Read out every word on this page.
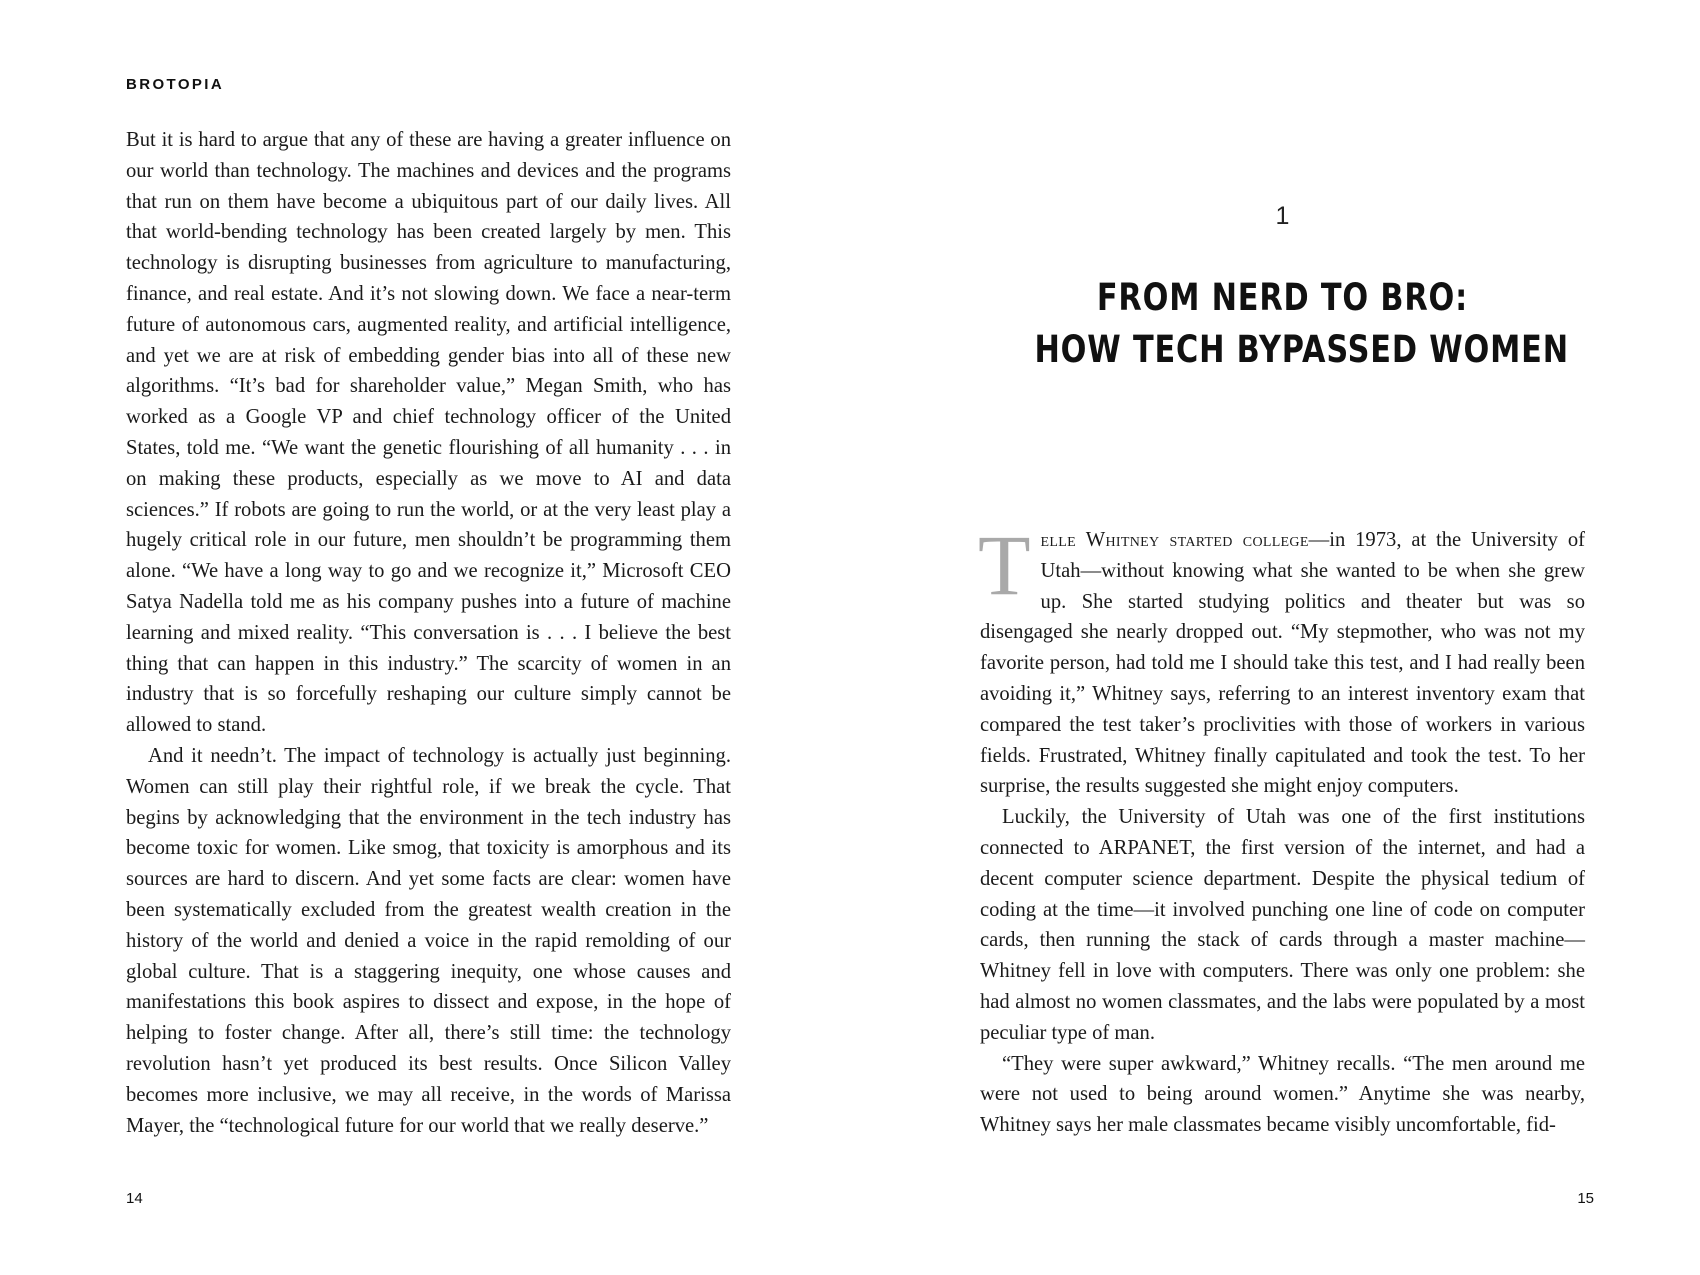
BROTOPIA

But it is hard to argue that any of these are having a greater influence on our world than technology. The machines and devices and the programs that run on them have become a ubiquitous part of our daily lives. All that world-bending technology has been created largely by men. This technology is disrupting businesses from agriculture to manufacturing, finance, and real estate. And it’s not slowing down. We face a near-term future of autonomous cars, augmented reality, and artificial intelligence, and yet we are at risk of embedding gender bias into all of these new algorithms. “It’s bad for shareholder value,” Megan Smith, who has worked as a Google VP and chief technology officer of the United States, told me. “We want the genetic flourishing of all humanity . . . in on making these products, especially as we move to AI and data sciences.” If robots are going to run the world, or at the very least play a hugely critical role in our future, men shouldn’t be programming them alone. “We have a long way to go and we recognize it,” Microsoft CEO Satya Nadella told me as his company pushes into a future of machine learning and mixed reality. “This conversation is . . . I believe the best thing that can happen in this industry.” The scarcity of women in an industry that is so forcefully reshaping our culture simply cannot be allowed to stand.

And it needn’t. The impact of technology is actually just beginning. Women can still play their rightful role, if we break the cycle. That begins by acknowledging that the environment in the tech industry has become toxic for women. Like smog, that toxicity is amorphous and its sources are hard to discern. And yet some facts are clear: women have been systematically excluded from the greatest wealth creation in the history of the world and denied a voice in the rapid remolding of our global culture. That is a staggering inequity, one whose causes and manifestations this book aspires to dissect and expose, in the hope of helping to foster change. After all, there’s still time: the technology revolution hasn’t yet produced its best results. Once Silicon Valley becomes more inclusive, we may all receive, in the words of Marissa Mayer, the “technological future for our world that we really deserve.”

14
1
FROM NERD TO BRO:
HOW TECH BYPASSED WOMEN

Telle Whitney started college—in 1973, at the University of Utah—without knowing what she wanted to be when she grew up. She started studying politics and theater but was so disengaged she nearly dropped out. “My stepmother, who was not my favorite person, had told me I should take this test, and I had really been avoiding it,” Whitney says, referring to an interest inventory exam that compared the test taker’s proclivities with those of workers in various fields. Frustrated, Whitney finally capitulated and took the test. To her surprise, the results suggested she might enjoy computers.

Luckily, the University of Utah was one of the first institutions connected to ARPANET, the first version of the internet, and had a decent computer science department. Despite the physical tedium of coding at the time—it involved punching one line of code on computer cards, then running the stack of cards through a master machine—Whitney fell in love with computers. There was only one problem: she had almost no women classmates, and the labs were populated by a most peculiar type of man.

“They were super awkward,” Whitney recalls. “The men around me were not used to being around women.” Anytime she was nearby, Whitney says her male classmates became visibly uncomfortable, fid-

15
